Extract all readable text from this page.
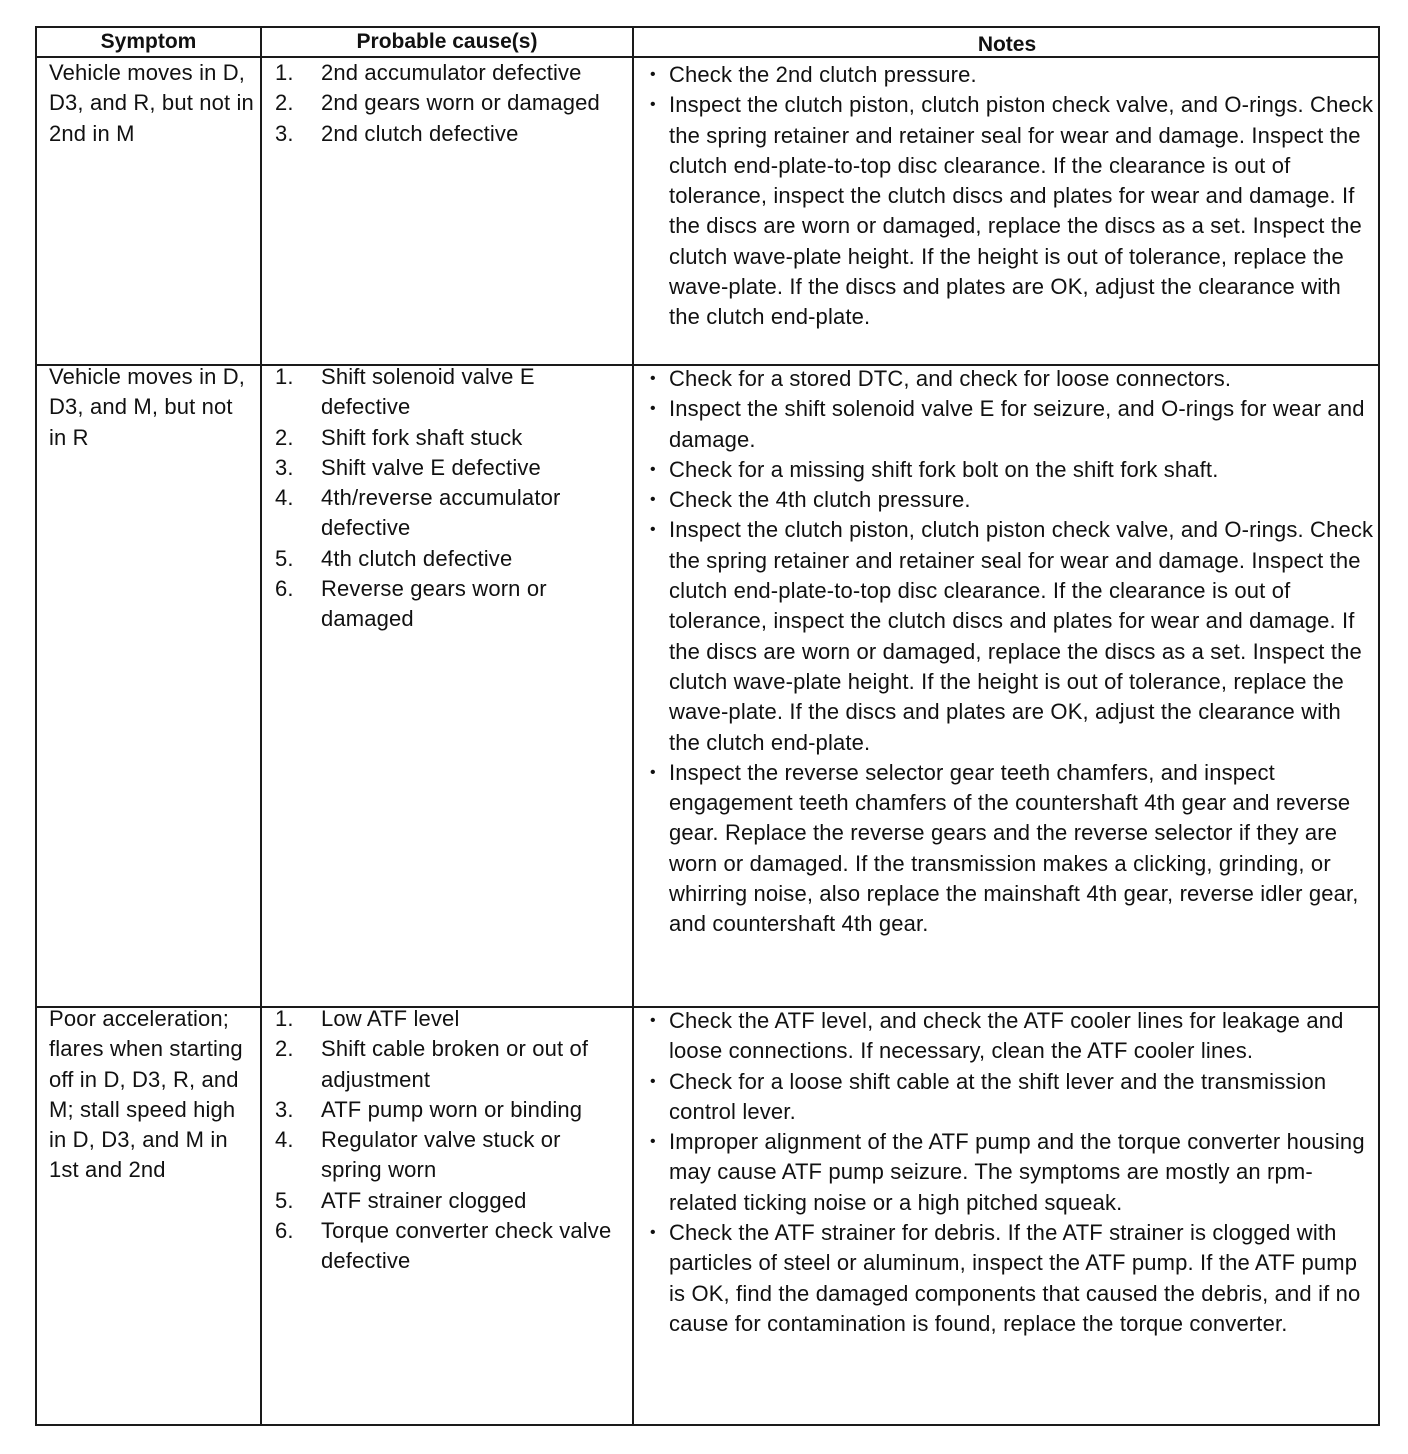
Symptom	Probable cause(s)	Notes
Vehicle moves in D, D3, and R, but not in 2nd in M
1. 2nd accumulator defective
2. 2nd gears worn or damaged
3. 2nd clutch defective
• Check the 2nd clutch pressure.
• Inspect the clutch piston, clutch piston check valve, and O-rings. Check the spring retainer and retainer seal for wear and damage. Inspect the clutch end-plate-to-top disc clearance. If the clearance is out of tolerance, inspect the clutch discs and plates for wear and damage. If the discs are worn or damaged, replace the discs as a set. Inspect the clutch wave-plate height. If the height is out of tolerance, replace the wave-plate. If the discs and plates are OK, adjust the clearance with the clutch end-plate.
Vehicle moves in D, D3, and M, but not in R
1. Shift solenoid valve E defective
2. Shift fork shaft stuck
3. Shift valve E defective
4. 4th/reverse accumulator defective
5. 4th clutch defective
6. Reverse gears worn or damaged
• Check for a stored DTC, and check for loose connectors.
• Inspect the shift solenoid valve E for seizure, and O-rings for wear and damage.
• Check for a missing shift fork bolt on the shift fork shaft.
• Check the 4th clutch pressure.
• Inspect the clutch piston, clutch piston check valve, and O-rings. Check the spring retainer and retainer seal for wear and damage. Inspect the clutch end-plate-to-top disc clearance. If the clearance is out of tolerance, inspect the clutch discs and plates for wear and damage. If the discs are worn or damaged, replace the discs as a set. Inspect the clutch wave-plate height. If the height is out of tolerance, replace the wave-plate. If the discs and plates are OK, adjust the clearance with the clutch end-plate.
• Inspect the reverse selector gear teeth chamfers, and inspect engagement teeth chamfers of the countershaft 4th gear and reverse gear. Replace the reverse gears and the reverse selector if they are worn or damaged. If the transmission makes a clicking, grinding, or whirring noise, also replace the mainshaft 4th gear, reverse idler gear, and countershaft 4th gear.
Poor acceleration; flares when starting off in D, D3, R, and M; stall speed high in D, D3, and M in 1st and 2nd
1. Low ATF level
2. Shift cable broken or out of adjustment
3. ATF pump worn or binding
4. Regulator valve stuck or spring worn
5. ATF strainer clogged
6. Torque converter check valve defective
• Check the ATF level, and check the ATF cooler lines for leakage and loose connections. If necessary, clean the ATF cooler lines.
• Check for a loose shift cable at the shift lever and the transmission control lever.
• Improper alignment of the ATF pump and the torque converter housing may cause ATF pump seizure. The symptoms are mostly an rpm-related ticking noise or a high pitched squeak.
• Check the ATF strainer for debris. If the ATF strainer is clogged with particles of steel or aluminum, inspect the ATF pump. If the ATF pump is OK, find the damaged components that caused the debris, and if no cause for contamination is found, replace the torque converter.
